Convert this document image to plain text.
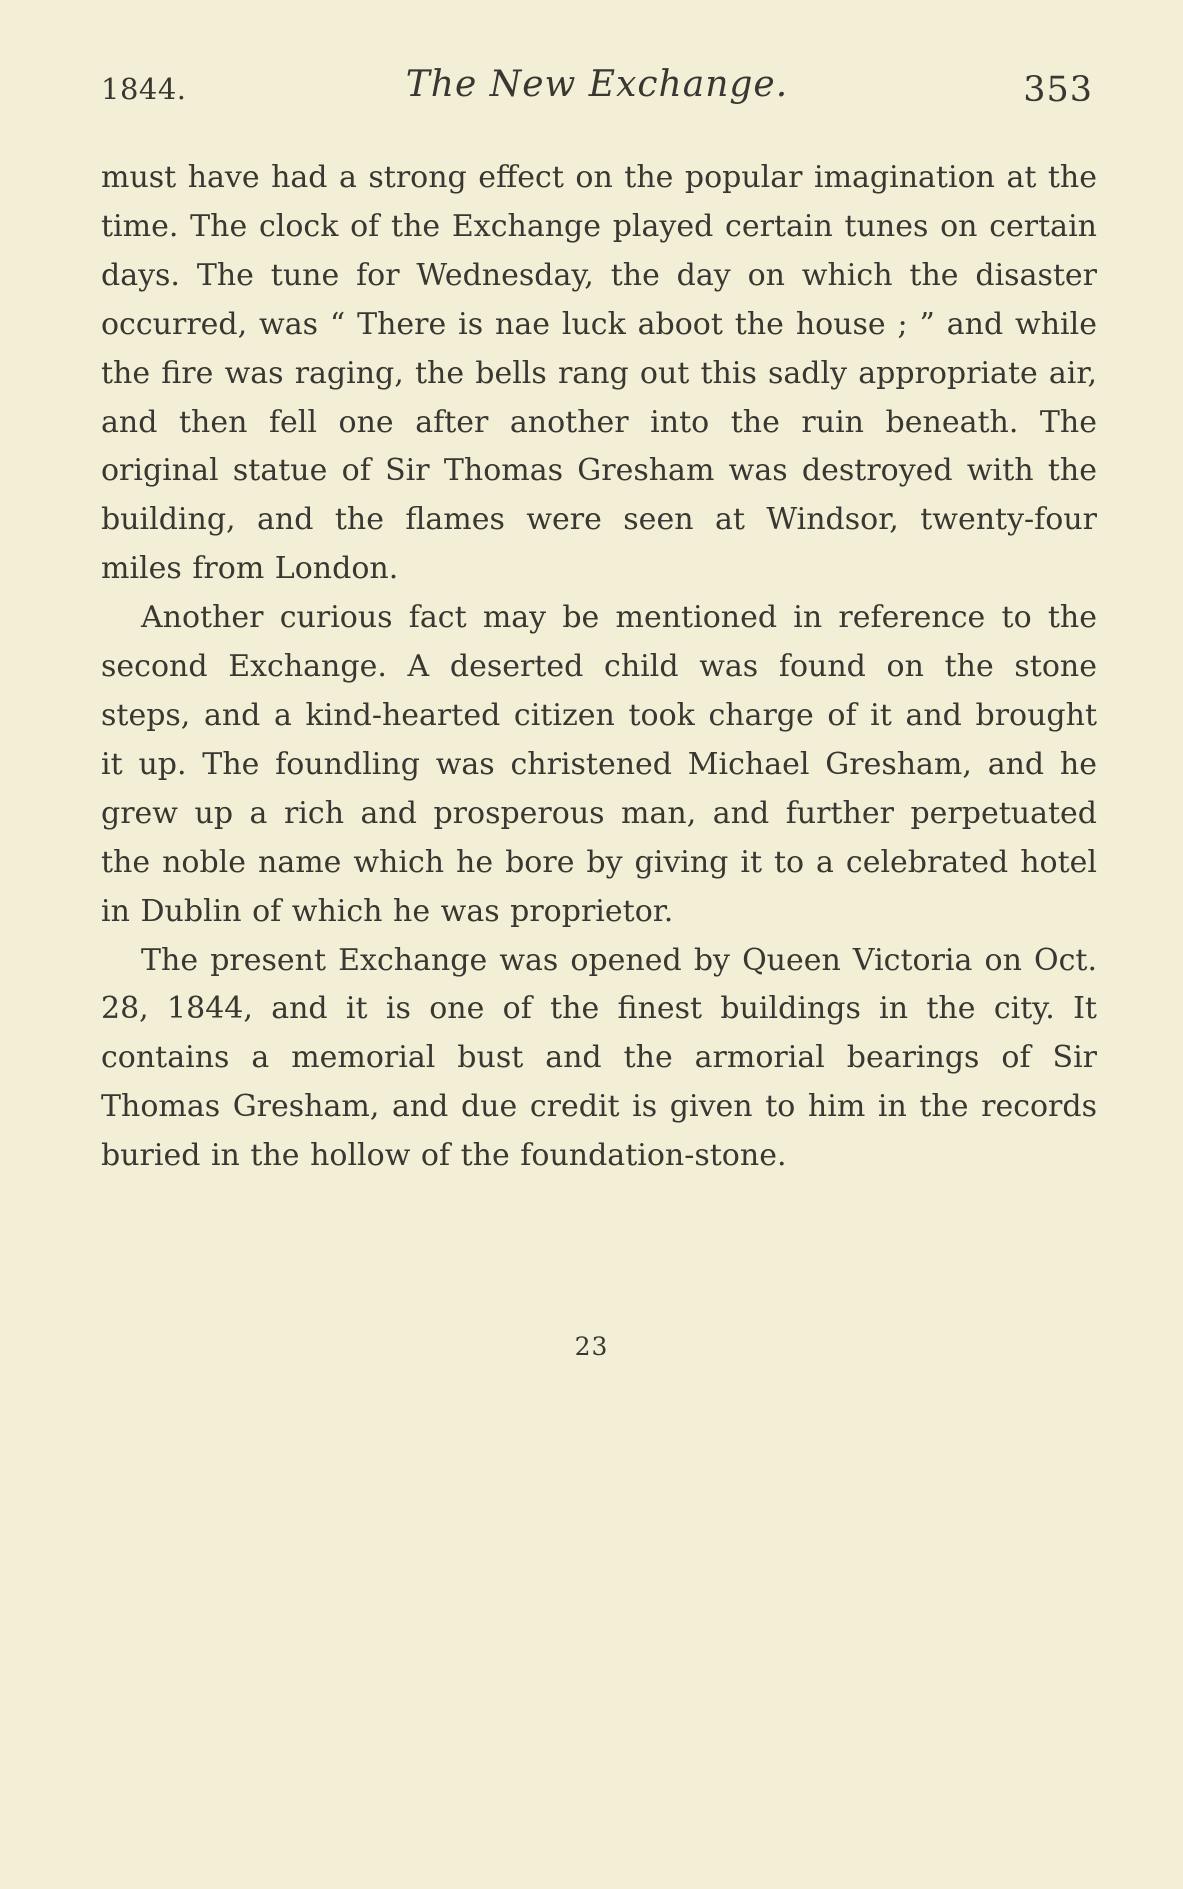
1844.	The New Exchange.	353

must have had a strong effect on the popular imagination at the time. The clock of the Exchange played certain tunes on certain days. The tune for Wednesday, the day on which the disaster occurred, was “ There is nae luck aboot the house ; ” and while the fire was raging, the bells rang out this sadly appropriate air, and then fell one after another into the ruin beneath. The original statue of Sir Thomas Gresham was destroyed with the building, and the flames were seen at Windsor, twenty-four miles from London.

Another curious fact may be mentioned in reference to the second Exchange. A deserted child was found on the stone steps, and a kind-hearted citizen took charge of it and brought it up. The foundling was christened Michael Gresham, and he grew up a rich and prosperous man, and further perpetuated the noble name which he bore by giving it to a celebrated hotel in Dublin of which he was proprietor.

The present Exchange was opened by Queen Victoria on Oct. 28, 1844, and it is one of the finest buildings in the city. It contains a memorial bust and the armorial bearings of Sir Thomas Gresham, and due credit is given to him in the records buried in the hollow of the foundation-stone.

23
